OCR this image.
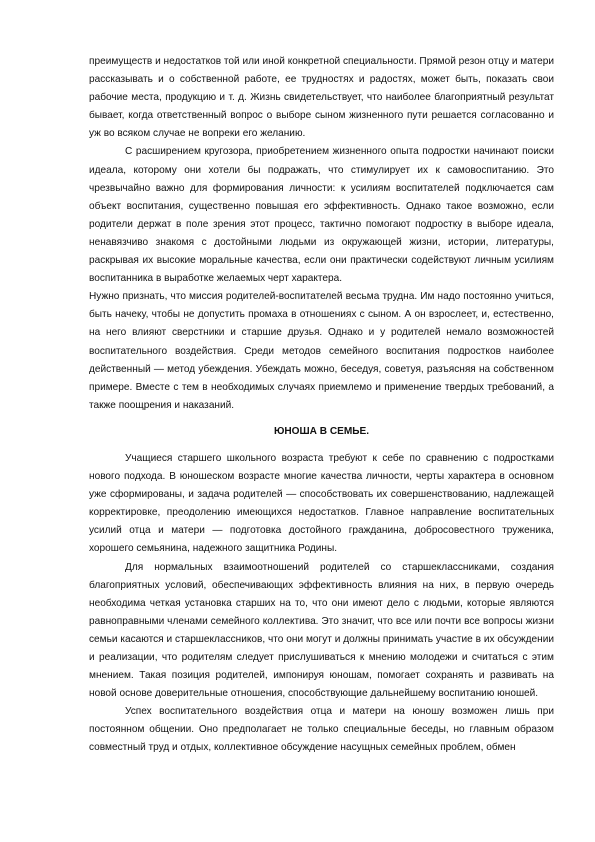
преимуществ и недостатков той или иной конкретной специальности. Прямой резон отцу и матери рассказывать и о собственной работе, ее трудностях и радостях, может быть, показать свои рабочие места, продукцию и т. д. Жизнь свидетельствует, что наиболее благоприятный результат бывает, когда ответственный вопрос о выборе сыном жизненного пути решается согласованно и уж во всяком случае не вопреки его желанию.

С расширением кругозора, приобретением жизненного опыта подростки начинают поиски идеала, которому они хотели бы подражать, что стимулирует их к самовоспитанию. Это чрезвычайно важно для формирования личности: к усилиям воспитателей подключается сам объект воспитания, существенно повышая его эффективность. Однако такое возможно, если родители держат в поле зрения этот процесс, тактично помогают подростку в выборе идеала, ненавязчиво знакомя с достойными людьми из окружающей жизни, истории, литературы, раскрывая их высокие моральные качества, если они практически содействуют личным усилиям воспитанника в выработке желаемых черт характера.

Нужно признать, что миссия родителей-воспитателей весьма трудна. Им надо постоянно учиться, быть начеку, чтобы не допустить промаха в отношениях с сыном. А он взрослеет, и, естественно, на него влияют сверстники и старшие друзья. Однако и у родителей немало возможностей воспитательного воздействия. Среди методов семейного воспитания подростков наиболее действенный — метод убеждения. Убеждать можно, беседуя, советуя, разъясняя на собственном примере. Вместе с тем в необходимых случаях приемлемо и применение твердых требований, а также поощрения и наказаний.

ЮНОША В СЕМЬЕ.

Учащиеся старшего школьного возраста требуют к себе по сравнению с подростками нового подхода. В юношеском возрасте многие качества личности, черты характера в основном уже сформированы, и задача родителей — способствовать их совершенствованию, надлежащей корректировке, преодолению имеющихся недостатков. Главное направление воспитательных усилий отца и матери — подготовка достойного гражданина, добросовестного труженика, хорошего семьянина, надежного защитника Родины.

Для нормальных взаимоотношений родителей со старшеклассниками, создания благоприятных условий, обеспечивающих эффективность влияния на них, в первую очередь необходима четкая установка старших на то, что они имеют дело с людьми, которые являются равноправными членами семейного коллектива. Это значит, что все или почти все вопросы жизни семьи касаются и старшеклассников, что они могут и должны принимать участие в их обсуждении и реализации, что родителям следует прислушиваться к мнению молодежи и считаться с этим мнением. Такая позиция родителей, импонируя юношам, помогает сохранять и развивать на новой основе доверительные отношения, способствующие дальнейшему воспитанию юношей.

Успех воспитательного воздействия отца и матери на юношу возможен лишь при постоянном общении. Оно предполагает не только специальные беседы, но главным образом совместный труд и отдых, коллективное обсуждение насущных семейных проблем, обмен
